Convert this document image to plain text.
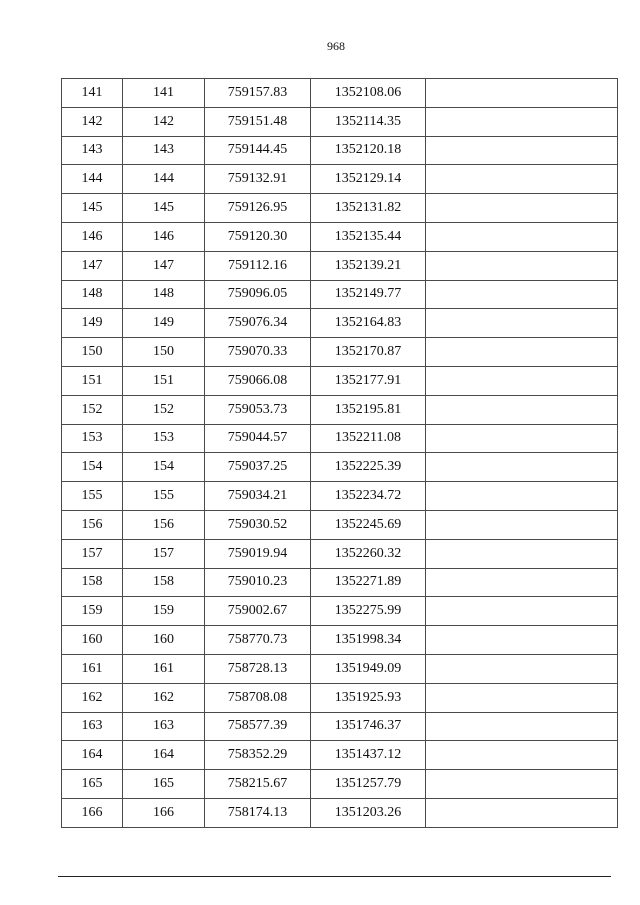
968
141	141	759157.83	1352108.06	
142	142	759151.48	1352114.35	
143	143	759144.45	1352120.18	
144	144	759132.91	1352129.14	
145	145	759126.95	1352131.82	
146	146	759120.30	1352135.44	
147	147	759112.16	1352139.21	
148	148	759096.05	1352149.77	
149	149	759076.34	1352164.83	
150	150	759070.33	1352170.87	
151	151	759066.08	1352177.91	
152	152	759053.73	1352195.81	
153	153	759044.57	1352211.08	
154	154	759037.25	1352225.39	
155	155	759034.21	1352234.72	
156	156	759030.52	1352245.69	
157	157	759019.94	1352260.32	
158	158	759010.23	1352271.89	
159	159	759002.67	1352275.99	
160	160	758770.73	1351998.34	
161	161	758728.13	1351949.09	
162	162	758708.08	1351925.93	
163	163	758577.39	1351746.37	
164	164	758352.29	1351437.12	
165	165	758215.67	1351257.79	
166	166	758174.13	1351203.26	
